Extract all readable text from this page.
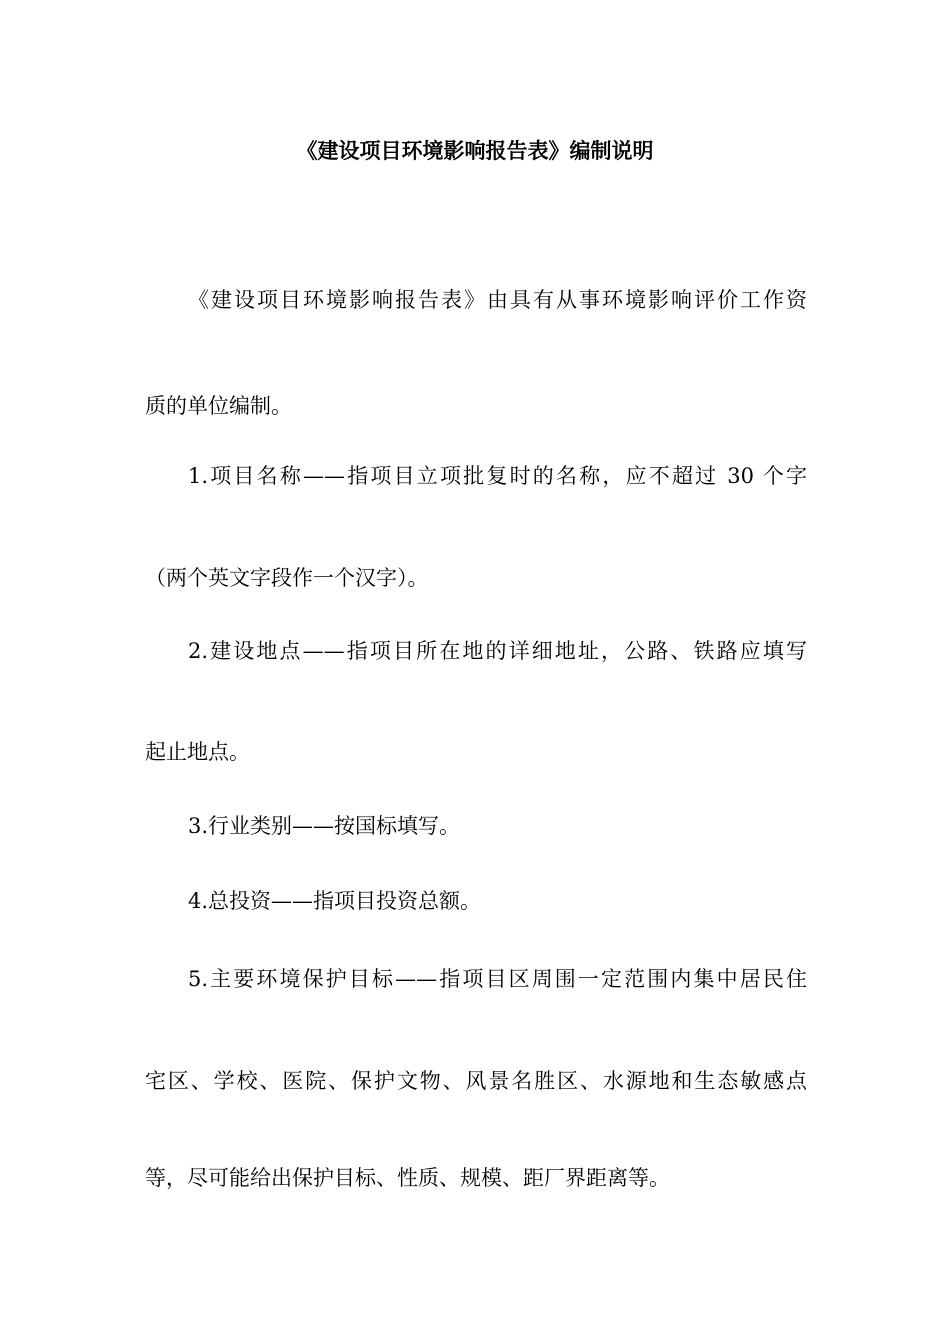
《建设项目环境影响报告表》编制说明
《建设项目环境影响报告表》由具有从事环境影响评价工作资
质的单位编制。
1.项目名称——指项目立项批复时的名称，应不超过 30 个字
（两个英文字段作一个汉字）。
2.建设地点——指项目所在地的详细地址，公路、铁路应填写
起止地点。
3.行业类别——按国标填写。
4.总投资——指项目投资总额。
5.主要环境保护目标——指项目区周围一定范围内集中居民住
宅区、学校、医院、保护文物、风景名胜区、水源地和生态敏感点
等，尽可能给出保护目标、性质、规模、距厂界距离等。
